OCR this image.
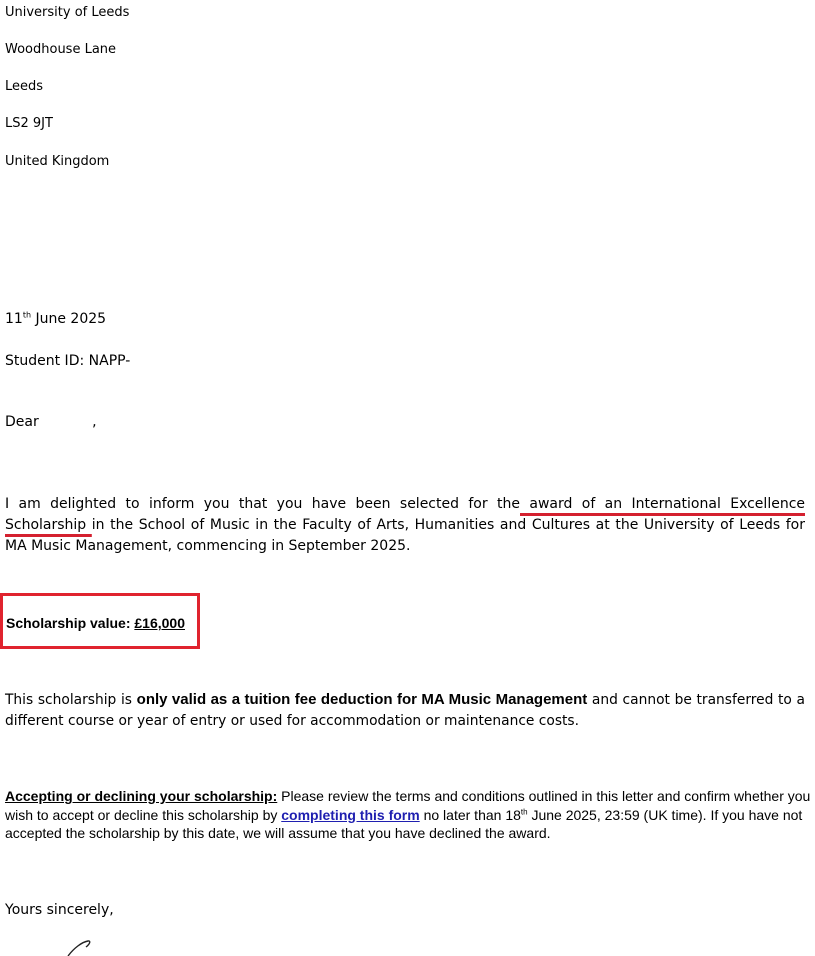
University of Leeds

Woodhouse Lane

Leeds

LS2 9JT

United Kingdom

11th June 2025

Student ID: NAPP-

Dear            ,

I am delighted to inform you that you have been selected for the award of an International Excellence Scholarship in the School of Music in the Faculty of Arts, Humanities and Cultures at the University of Leeds for MA Music Management, commencing in September 2025.

Scholarship value: £16,000

This scholarship is only valid as a tuition fee deduction for MA Music Management and cannot be transferred to a different course or year of entry or used for accommodation or maintenance costs.

Accepting or declining your scholarship: Please review the terms and conditions outlined in this letter and confirm whether you wish to accept or decline this scholarship by completing this form no later than 18th June 2025, 23:59 (UK time). If you have not accepted the scholarship by this date, we will assume that you have declined the award.

Yours sincerely,
